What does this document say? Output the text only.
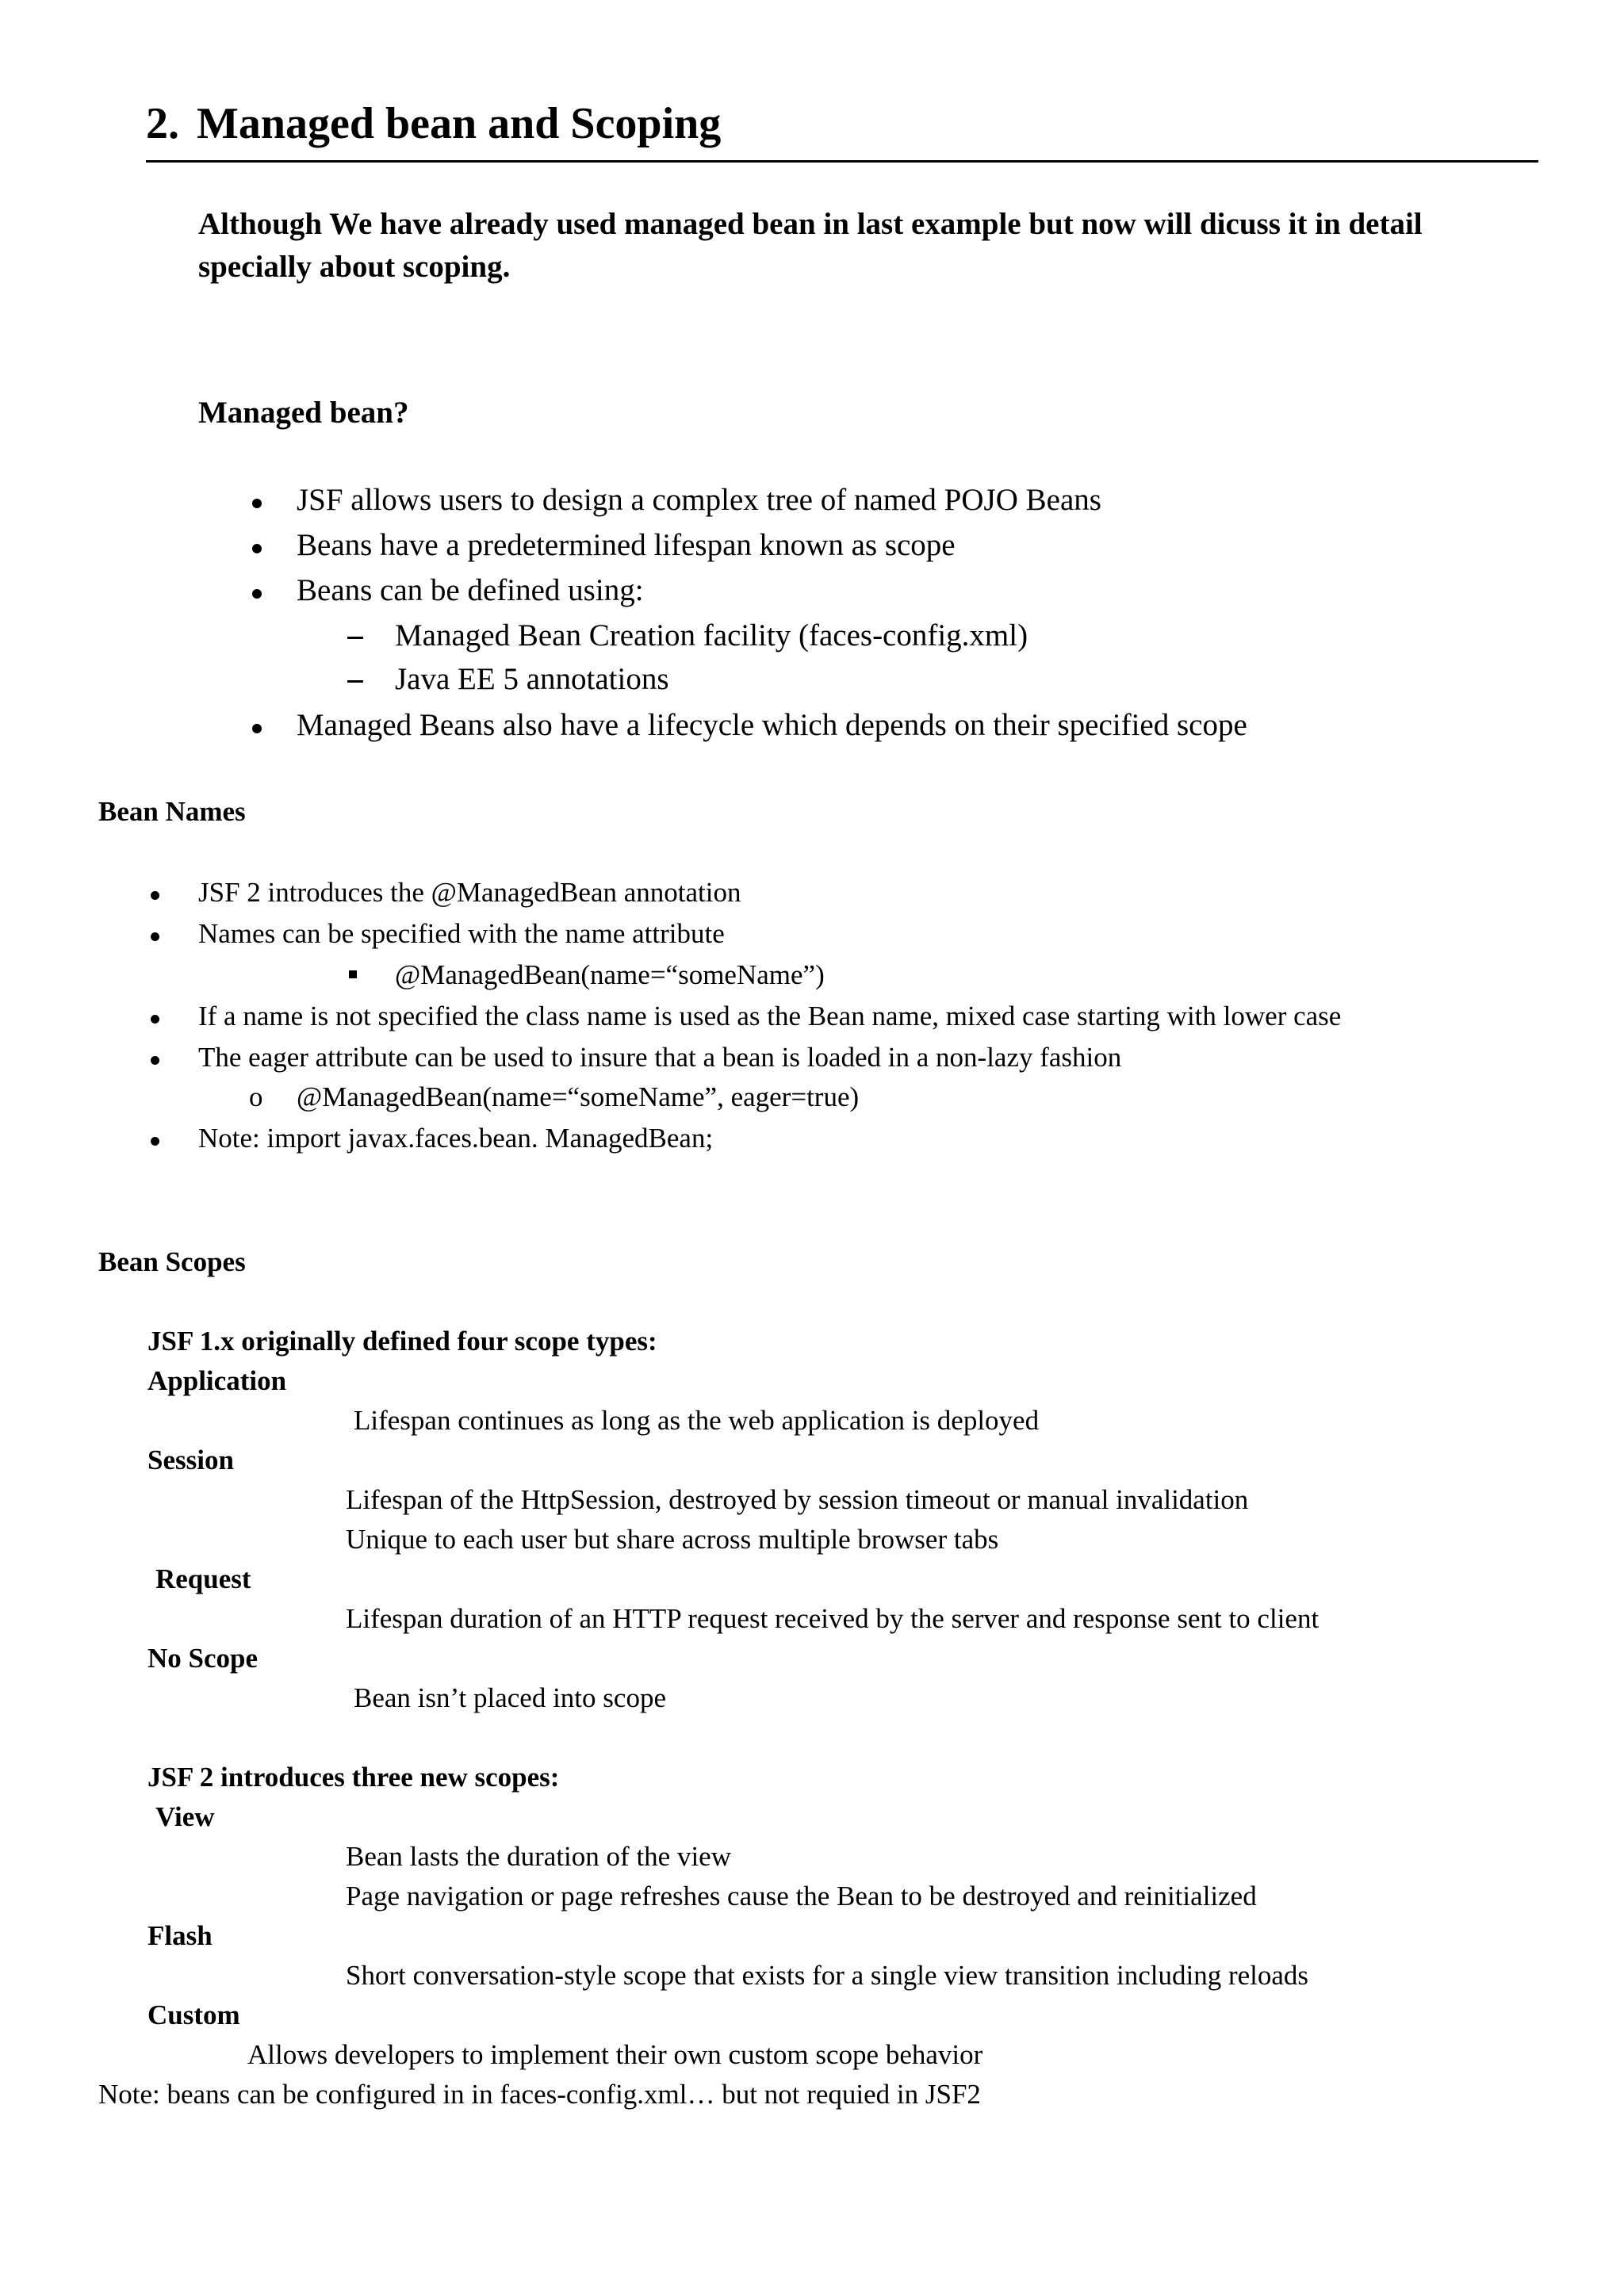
2. Managed bean and Scoping
Although We have already used managed bean in last example but now will dicuss it in detail
specially about scoping.
Managed bean?
JSF allows users to design a complex tree of named POJO Beans
Beans have a predetermined lifespan known as scope
Beans can be defined using:
Managed Bean Creation facility (faces-config.xml)
Java EE 5 annotations
Managed Beans also have a lifecycle which depends on their specified scope
Bean Names
JSF 2 introduces the @ManagedBean annotation
Names can be specified with the name attribute
@ManagedBean(name=“someName”)
If a name is not specified the class name is used as the Bean name, mixed case starting with lower case
The eager attribute can be used to insure that a bean is loaded in a non-lazy fashion
o @ManagedBean(name=“someName”, eager=true)
Note: import javax.faces.bean. ManagedBean;
Bean Scopes
JSF 1.x originally defined four scope types:
Application
Lifespan continues as long as the web application is deployed
Session
Lifespan of the HttpSession, destroyed by session timeout or manual invalidation
Unique to each user but share across multiple browser tabs
Request
Lifespan duration of an HTTP request received by the server and response sent to client
No Scope
Bean isn’t placed into scope
JSF 2 introduces three new scopes:
View
Bean lasts the duration of the view
Page navigation or page refreshes cause the Bean to be destroyed and reinitialized
Flash
Short conversation-style scope that exists for a single view transition including reloads
Custom
Allows developers to implement their own custom scope behavior
Note: beans can be configured in in faces-config.xml… but not requied in JSF2
